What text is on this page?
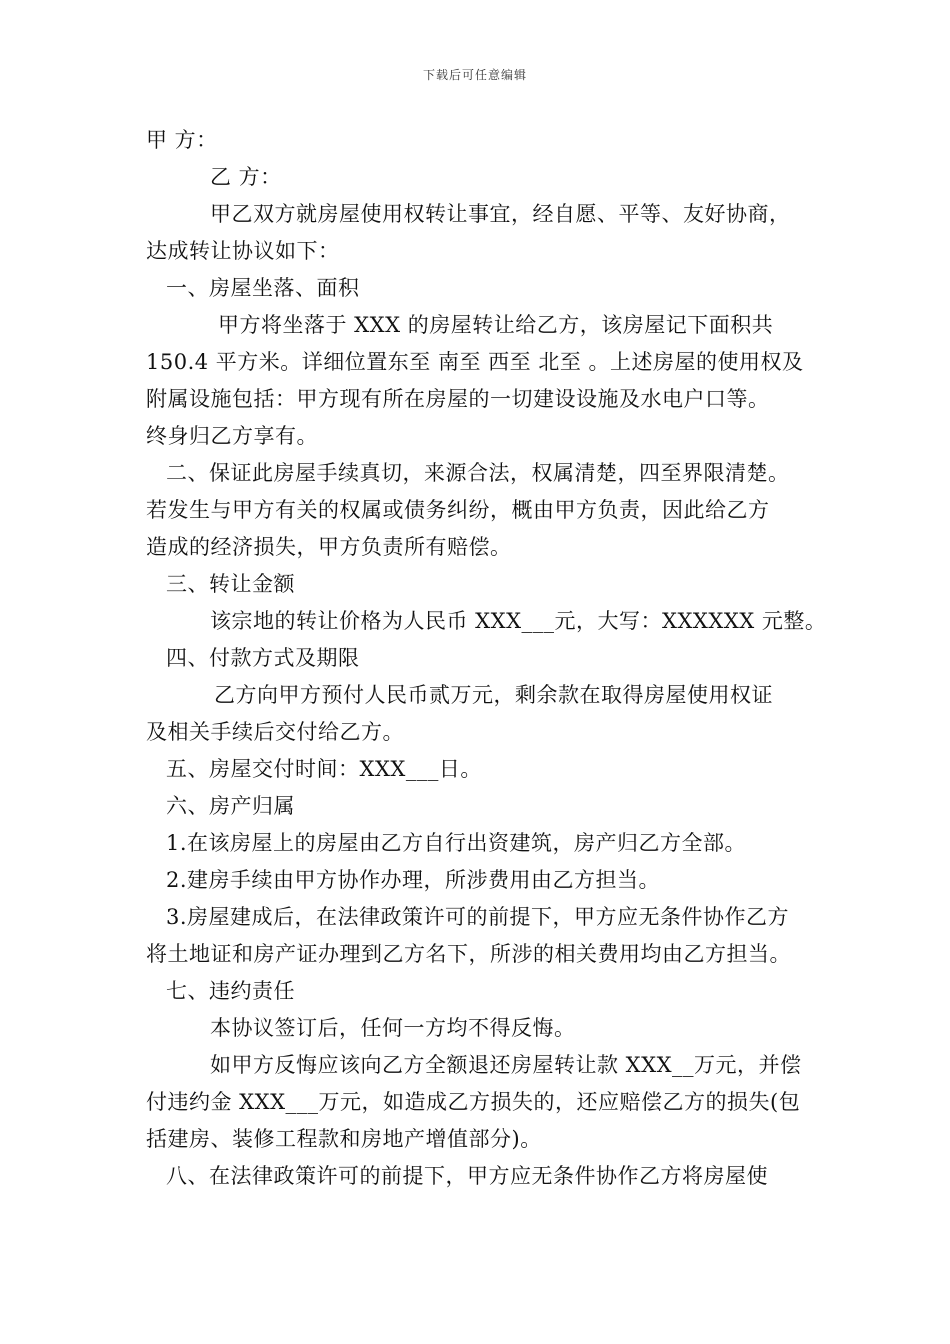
下载后可任意编辑
甲 方：
乙 方：
甲乙双方就房屋使用权转让事宜，经自愿、平等、友好协商，
达成转让协议如下：
一、房屋坐落、面积
甲方将坐落于 XXX 的房屋转让给乙方，该房屋记下面积共
150.4 平方米。详细位置东至 南至 西至 北至 。上述房屋的使用权及
附属设施包括：甲方现有所在房屋的一切建设设施及水电户口等。
终身归乙方享有。
二、保证此房屋手续真切，来源合法，权属清楚，四至界限清楚。
若发生与甲方有关的权属或债务纠纷，概由甲方负责，因此给乙方
造成的经济损失，甲方负责所有赔偿。
三、转让金额
该宗地的转让价格为人民币 XXX___元，大写：XXXXXX 元整。
四、付款方式及期限
乙方向甲方预付人民币贰万元，剩余款在取得房屋使用权证
及相关手续后交付给乙方。
五、房屋交付时间：XXX___日。
六、房产归属
1.在该房屋上的房屋由乙方自行出资建筑，房产归乙方全部。
2.建房手续由甲方协作办理，所涉费用由乙方担当。
3.房屋建成后，在法律政策许可的前提下，甲方应无条件协作乙方
将土地证和房产证办理到乙方名下，所涉的相关费用均由乙方担当。
七、违约责任
本协议签订后，任何一方均不得反悔。
如甲方反悔应该向乙方全额退还房屋转让款 XXX__万元，并偿
付违约金 XXX___万元，如造成乙方损失的，还应赔偿乙方的损失(包
括建房、装修工程款和房地产增值部分)。
八、在法律政策许可的前提下，甲方应无条件协作乙方将房屋使
